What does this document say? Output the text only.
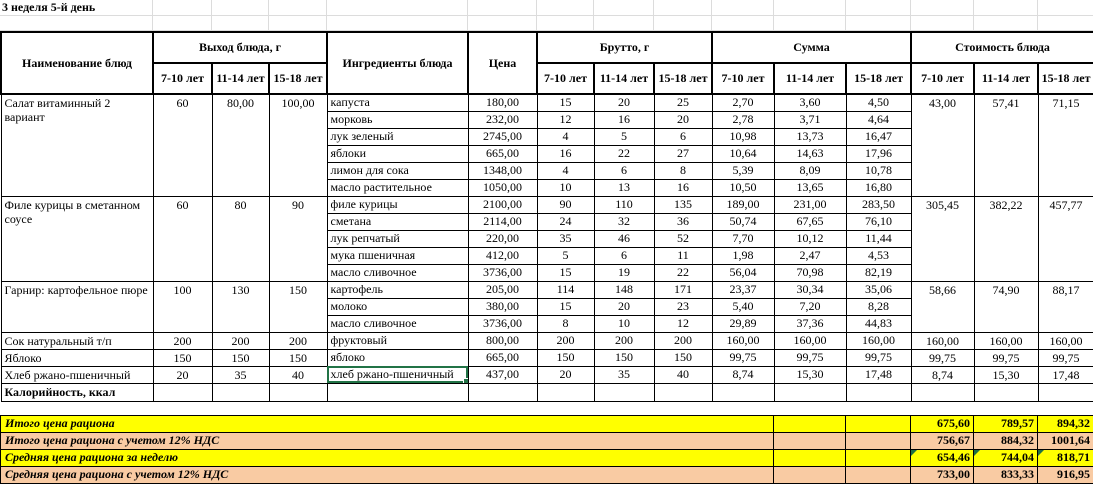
3 неделя 5-й день														

Наименование блюд	Выход блюда, г			Ингредиенты блюда	Цена	Брутто, г			Сумма			Стоимость блюда		
	7-10 лет	11-14 лет	15-18 лет			7-10 лет	11-14 лет	15-18 лет	7-10 лет	11-14 лет	15-18 лет	7-10 лет	11-14 лет	15-18 лет
Салат витаминный 2 вариант	60	80,00	100,00	капуста	180,00	15	20	25	2,70	3,60	4,50	43,00	57,41	71,15
				морковь	232,00	12	16	20	2,78	3,71	4,64			
				лук зеленый	2745,00	4	5	6	10,98	13,73	16,47			
				яблоки	665,00	16	22	27	10,64	14,63	17,96			
				лимон для сока	1348,00	4	6	8	5,39	8,09	10,78			
				масло растительное	1050,00	10	13	16	10,50	13,65	16,80			
Филе курицы в сметанном соусе	60	80	90	филе курицы	2100,00	90	110	135	189,00	231,00	283,50	305,45	382,22	457,77
				сметана	2114,00	24	32	36	50,74	67,65	76,10			
				лук репчатый	220,00	35	46	52	7,70	10,12	11,44			
				мука пшеничная	412,00	5	6	11	1,98	2,47	4,53			
				масло сливочное	3736,00	15	19	22	56,04	70,98	82,19			
Гарнир: картофельное пюре	100	130	150	картофель	205,00	114	148	171	23,37	30,34	35,06	58,66	74,90	88,17
				молоко	380,00	15	20	23	5,40	7,20	8,28			
				масло сливочное	3736,00	8	10	12	29,89	37,36	44,83			
Сок натуральный т/п	200	200	200	фруктовый	800,00	200	200	200	160,00	160,00	160,00	160,00	160,00	160,00
Яблоко	150	150	150	яблоко	665,00	150	150	150	99,75	99,75	99,75	99,75	99,75	99,75
Хлеб ржано-пшеничный	20	35	40	хлеб ржано-пшеничный	437,00	20	35	40	8,74	15,30	17,48	8,74	15,30	17,48
Калорийность, ккал														
Итого цена рациона			675,60	789,57	894,32
Итого цена рациона с учетом 12% НДС			756,67	884,32	1001,64
Средняя цена рациона за неделю			654,46	744,04	818,71
Средняя цена рациона с учетом 12% НДС			733,00	833,33	916,95
